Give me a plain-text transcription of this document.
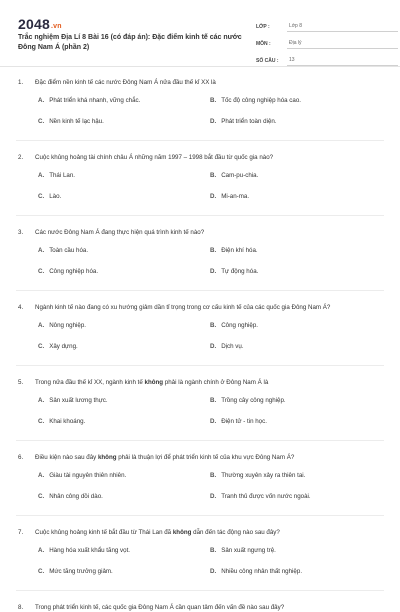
2048.vn
Trắc nghiệm Địa Lí 8 Bài 16 (có đáp án): Đặc điểm kinh tế các nước Đông Nam Á (phần 2)
LỚP :	Lớp 8
MÔN :	Địa lý
SỐ CÂU :	13
1.	Đặc điểm nền kinh tế các nước Đông Nam Á nửa đầu thế kỉ XX là
A. Phát triển khá nhanh, vững chắc.	B. Tốc độ công nghiệp hóa cao.
C. Nền kinh tế lạc hậu.	D. Phát triển toàn diện.
2.	Cuộc khủng hoảng tài chính châu Á những năm 1997 – 1998 bắt đầu từ quốc gia nào?
A. Thái Lan.	B. Cam-pu-chia.
C. Lào.	D. Mi-an-ma.
3.	Các nước Đông Nam Á đang thực hiện quá trình kinh tế nào?
A. Toàn cầu hóa.	B. Điện khí hóa.
C. Công nghiệp hóa.	D. Tự động hóa.
4.	Ngành kinh tế nào đang có xu hướng giảm dần tỉ trọng trong cơ cấu kinh tế của các quốc gia Đông Nam Á?
A. Nông nghiệp.	B. Công nghiệp.
C. Xây dựng.	D. Dịch vụ.
5.	Trong nửa đầu thế kỉ XX, ngành kinh tế không phải là ngành chính ở Đông Nam Á là
A. Sản xuất lương thực.	B. Trồng cây công nghiệp.
C. Khai khoáng.	D. Điện tử - tin học.
6.	Điều kiện nào sau đây không phải là thuận lợi để phát triển kinh tế của khu vực Đông Nam Á?
A. Giàu tài nguyên thiên nhiên.	B. Thường xuyên xảy ra thiên tai.
C. Nhân công dồi dào.	D. Tranh thủ được vốn nước ngoài.
7.	Cuộc khủng hoảng kinh tế bắt đầu từ Thái Lan đã không dẫn đến tác động nào sau đây?
A. Hàng hóa xuất khẩu tăng vọt.	B. Sản xuất ngưng trệ.
C. Mức tăng trưởng giảm.	D. Nhiều công nhân thất nghiệp.
8.	Trong phát triển kinh tế, các quốc gia Đông Nam Á cần quan tâm đến vấn đề nào sau đây?
